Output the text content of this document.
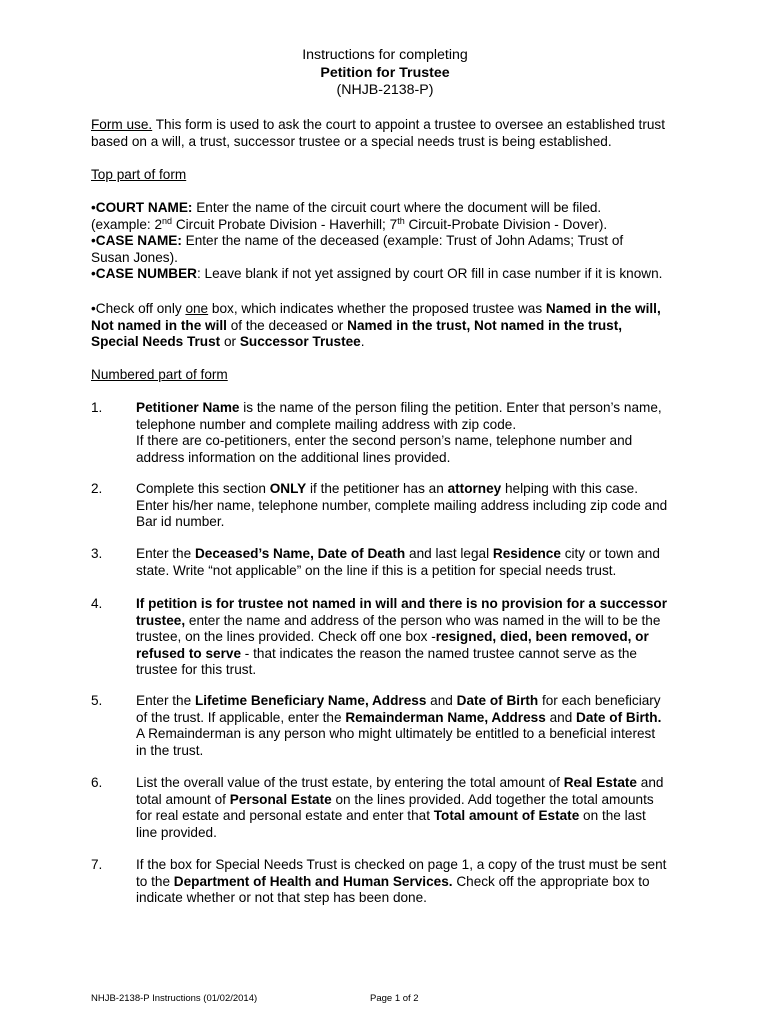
Instructions for completing
Petition for Trustee
(NHJB-2138-P)
Form use. This form is used to ask the court to appoint a trustee to oversee an established trust
based on a will, a trust, successor trustee or a special needs trust is being established.
Top part of form
•COURT NAME: Enter the name of the circuit court where the document will be filed.
(example: 2nd Circuit Probate Division - Haverhill; 7th Circuit-Probate Division - Dover).
•CASE NAME: Enter the name of the deceased (example: Trust of John Adams; Trust of
Susan Jones).
•CASE NUMBER: Leave blank if not yet assigned by court OR fill in case number if it is known.
•Check off only one box, which indicates whether the proposed trustee was Named in the will,
Not named in the will of the deceased or Named in the trust, Not named in the trust,
Special Needs Trust or Successor Trustee.
Numbered part of form
1. Petitioner Name is the name of the person filing the petition. Enter that person’s name,
telephone number and complete mailing address with zip code.
If there are co-petitioners, enter the second person’s name, telephone number and
address information on the additional lines provided.
2. Complete this section ONLY if the petitioner has an attorney helping with this case.
Enter his/her name, telephone number, complete mailing address including zip code and
Bar id number.
3. Enter the Deceased’s Name, Date of Death and last legal Residence city or town and
state. Write “not applicable” on the line if this is a petition for special needs trust.
4. If petition is for trustee not named in will and there is no provision for a successor
trustee, enter the name and address of the person who was named in the will to be the
trustee, on the lines provided. Check off one box -resigned, died, been removed, or
refused to serve - that indicates the reason the named trustee cannot serve as the
trustee for this trust.
5. Enter the Lifetime Beneficiary Name, Address and Date of Birth for each beneficiary
of the trust. If applicable, enter the Remainderman Name, Address and Date of Birth.
A Remainderman is any person who might ultimately be entitled to a beneficial interest
in the trust.
6. List the overall value of the trust estate, by entering the total amount of Real Estate and
total amount of Personal Estate on the lines provided. Add together the total amounts
for real estate and personal estate and enter that Total amount of Estate on the last
line provided.
7. If the box for Special Needs Trust is checked on page 1, a copy of the trust must be sent
to the Department of Health and Human Services. Check off the appropriate box to
indicate whether or not that step has been done.
NHJB-2138-P Instructions (01/02/2014)	Page 1 of 2
